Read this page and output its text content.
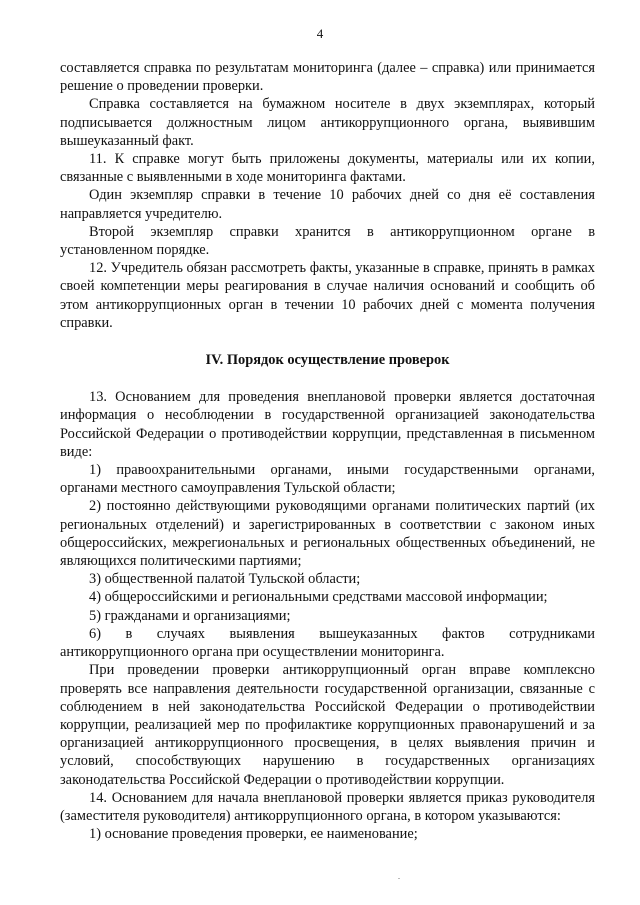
4

составляется справка по результатам мониторинга (далее – справка) или принимается решение о проведении проверки.

Справка составляется на бумажном носителе в двух экземплярах, который подписывается должностным лицом антикоррупционного органа, выявившим вышеуказанный факт.

11. К справке могут быть приложены документы, материалы или их копии, связанные с выявленными в ходе мониторинга фактами.

Один экземпляр справки в течение 10 рабочих дней со дня её составления направляется учредителю.

Второй экземпляр справки хранится в антикоррупционном органе в установленном порядке.

12. Учредитель обязан рассмотреть факты, указанные в справке, принять в рамках своей компетенции меры реагирования в случае наличия оснований и сообщить об этом антикоррупционных орган в течении 10 рабочих дней с момента получения справки.

IV. Порядок осуществление проверок

13. Основанием для проведения внеплановой проверки является достаточная информация о несоблюдении в государственной организацией законодательства Российской Федерации о противодействии коррупции, представленная в письменном виде:

1) правоохранительными органами, иными государственными органами, органами местного самоуправления Тульской области;

2) постоянно действующими руководящими органами политических партий (их региональных отделений) и зарегистрированных в соответствии с законом иных общероссийских, межрегиональных и региональных общественных объединений, не являющихся политическими партиями;

3) общественной палатой Тульской области;

4) общероссийскими и региональными средствами массовой информации;

5) гражданами и организациями;

6) в случаях выявления вышеуказанных фактов сотрудниками антикоррупционного органа при осуществлении мониторинга.

При проведении проверки антикоррупционный орган вправе комплексно проверять все направления деятельности государственной организации, связанные с соблюдением в ней законодательства Российской Федерации о противодействии коррупции, реализацией мер по профилактике коррупционных правонарушений и за организацией антикоррупционного просвещения, в целях выявления причин и условий, способствующих нарушению в государственных организациях законодательства Российской Федерации о противодействии коррупции.

14. Основанием для начала внеплановой проверки является приказ руководителя (заместителя руководителя) антикоррупционного органа, в котором указываются:

1) основание проведения проверки, ее наименование;
